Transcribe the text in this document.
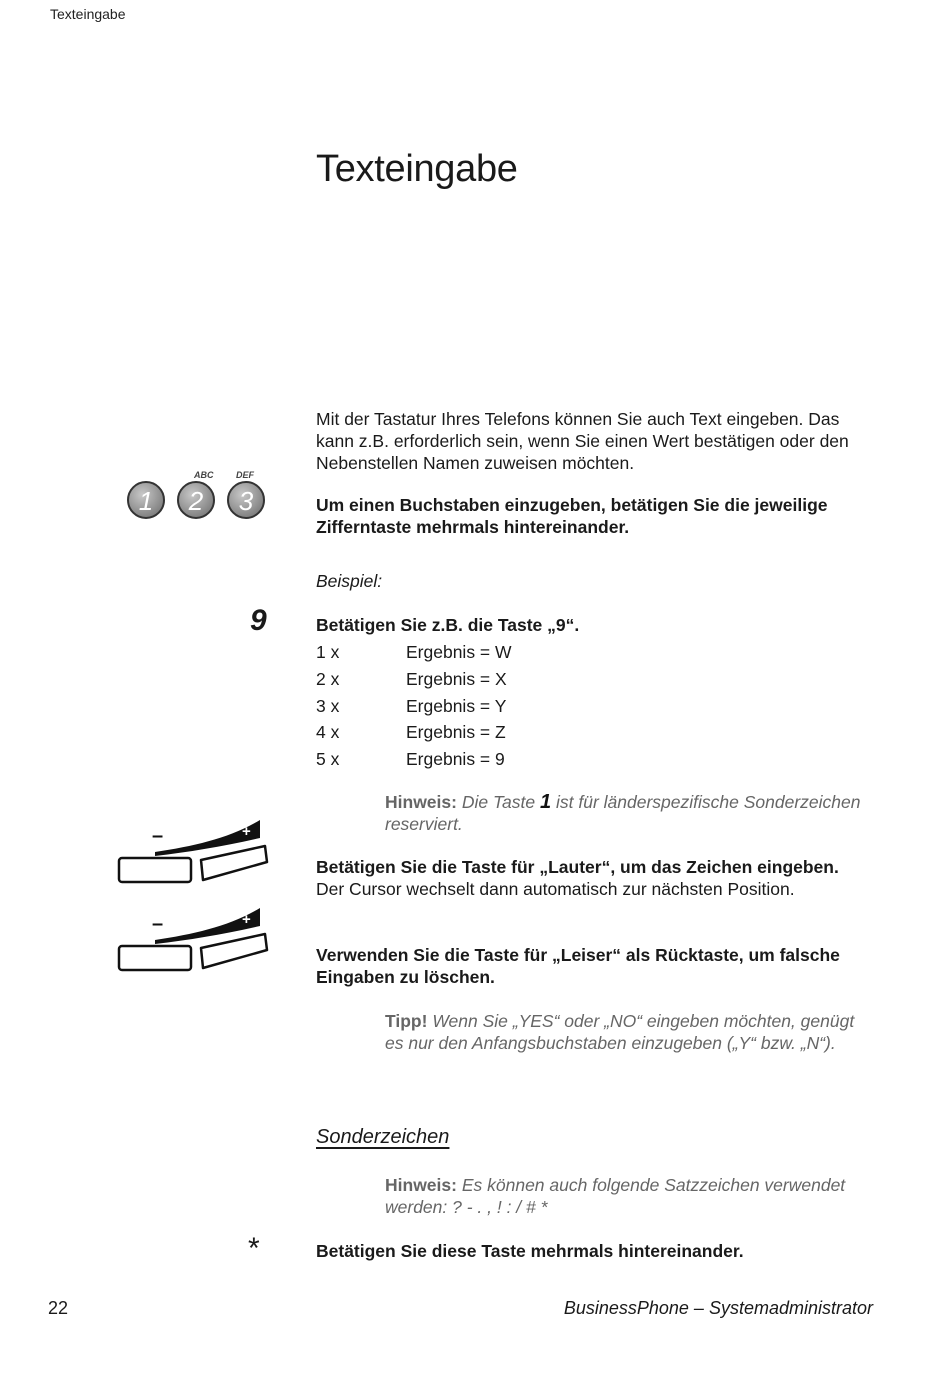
Texteingabe
Texteingabe
Mit der Tastatur Ihres Telefons können Sie auch Text eingeben. Das kann z.B. erforderlich sein, wenn Sie einen Wert bestätigen oder den Nebenstellen Namen zuweisen möchten.
ABC	DEF
1 2 3	Um einen Buchstaben einzugeben, betätigen Sie die jeweilige Zifferntaste mehrmals hintereinander.
Beispiel:
9	Betätigen Sie z.B. die Taste „9“.
1 x	Ergebnis = W
2 x	Ergebnis = X
3 x	Ergebnis = Y
4 x	Ergebnis = Z
5 x	Ergebnis = 9
Hinweis: Die Taste 1 ist für länderspezifische Sonderzeichen reserviert.
–	+
Betätigen Sie die Taste für „Lauter“, um das Zeichen eingeben.
Der Cursor wechselt dann automatisch zur nächsten Position.
–	+
Verwenden Sie die Taste für „Leiser“ als Rücktaste, um falsche Eingaben zu löschen.
Tipp! Wenn Sie „YES“ oder „NO“ eingeben möchten, genügt es nur den Anfangsbuchstaben einzugeben („Y“ bzw. „N“).
Sonderzeichen
Hinweis: Es können auch folgende Satzzeichen verwendet werden: ? - . , ! : / # *
*	Betätigen Sie diese Taste mehrmals hintereinander.
22	BusinessPhone – Systemadministrator
